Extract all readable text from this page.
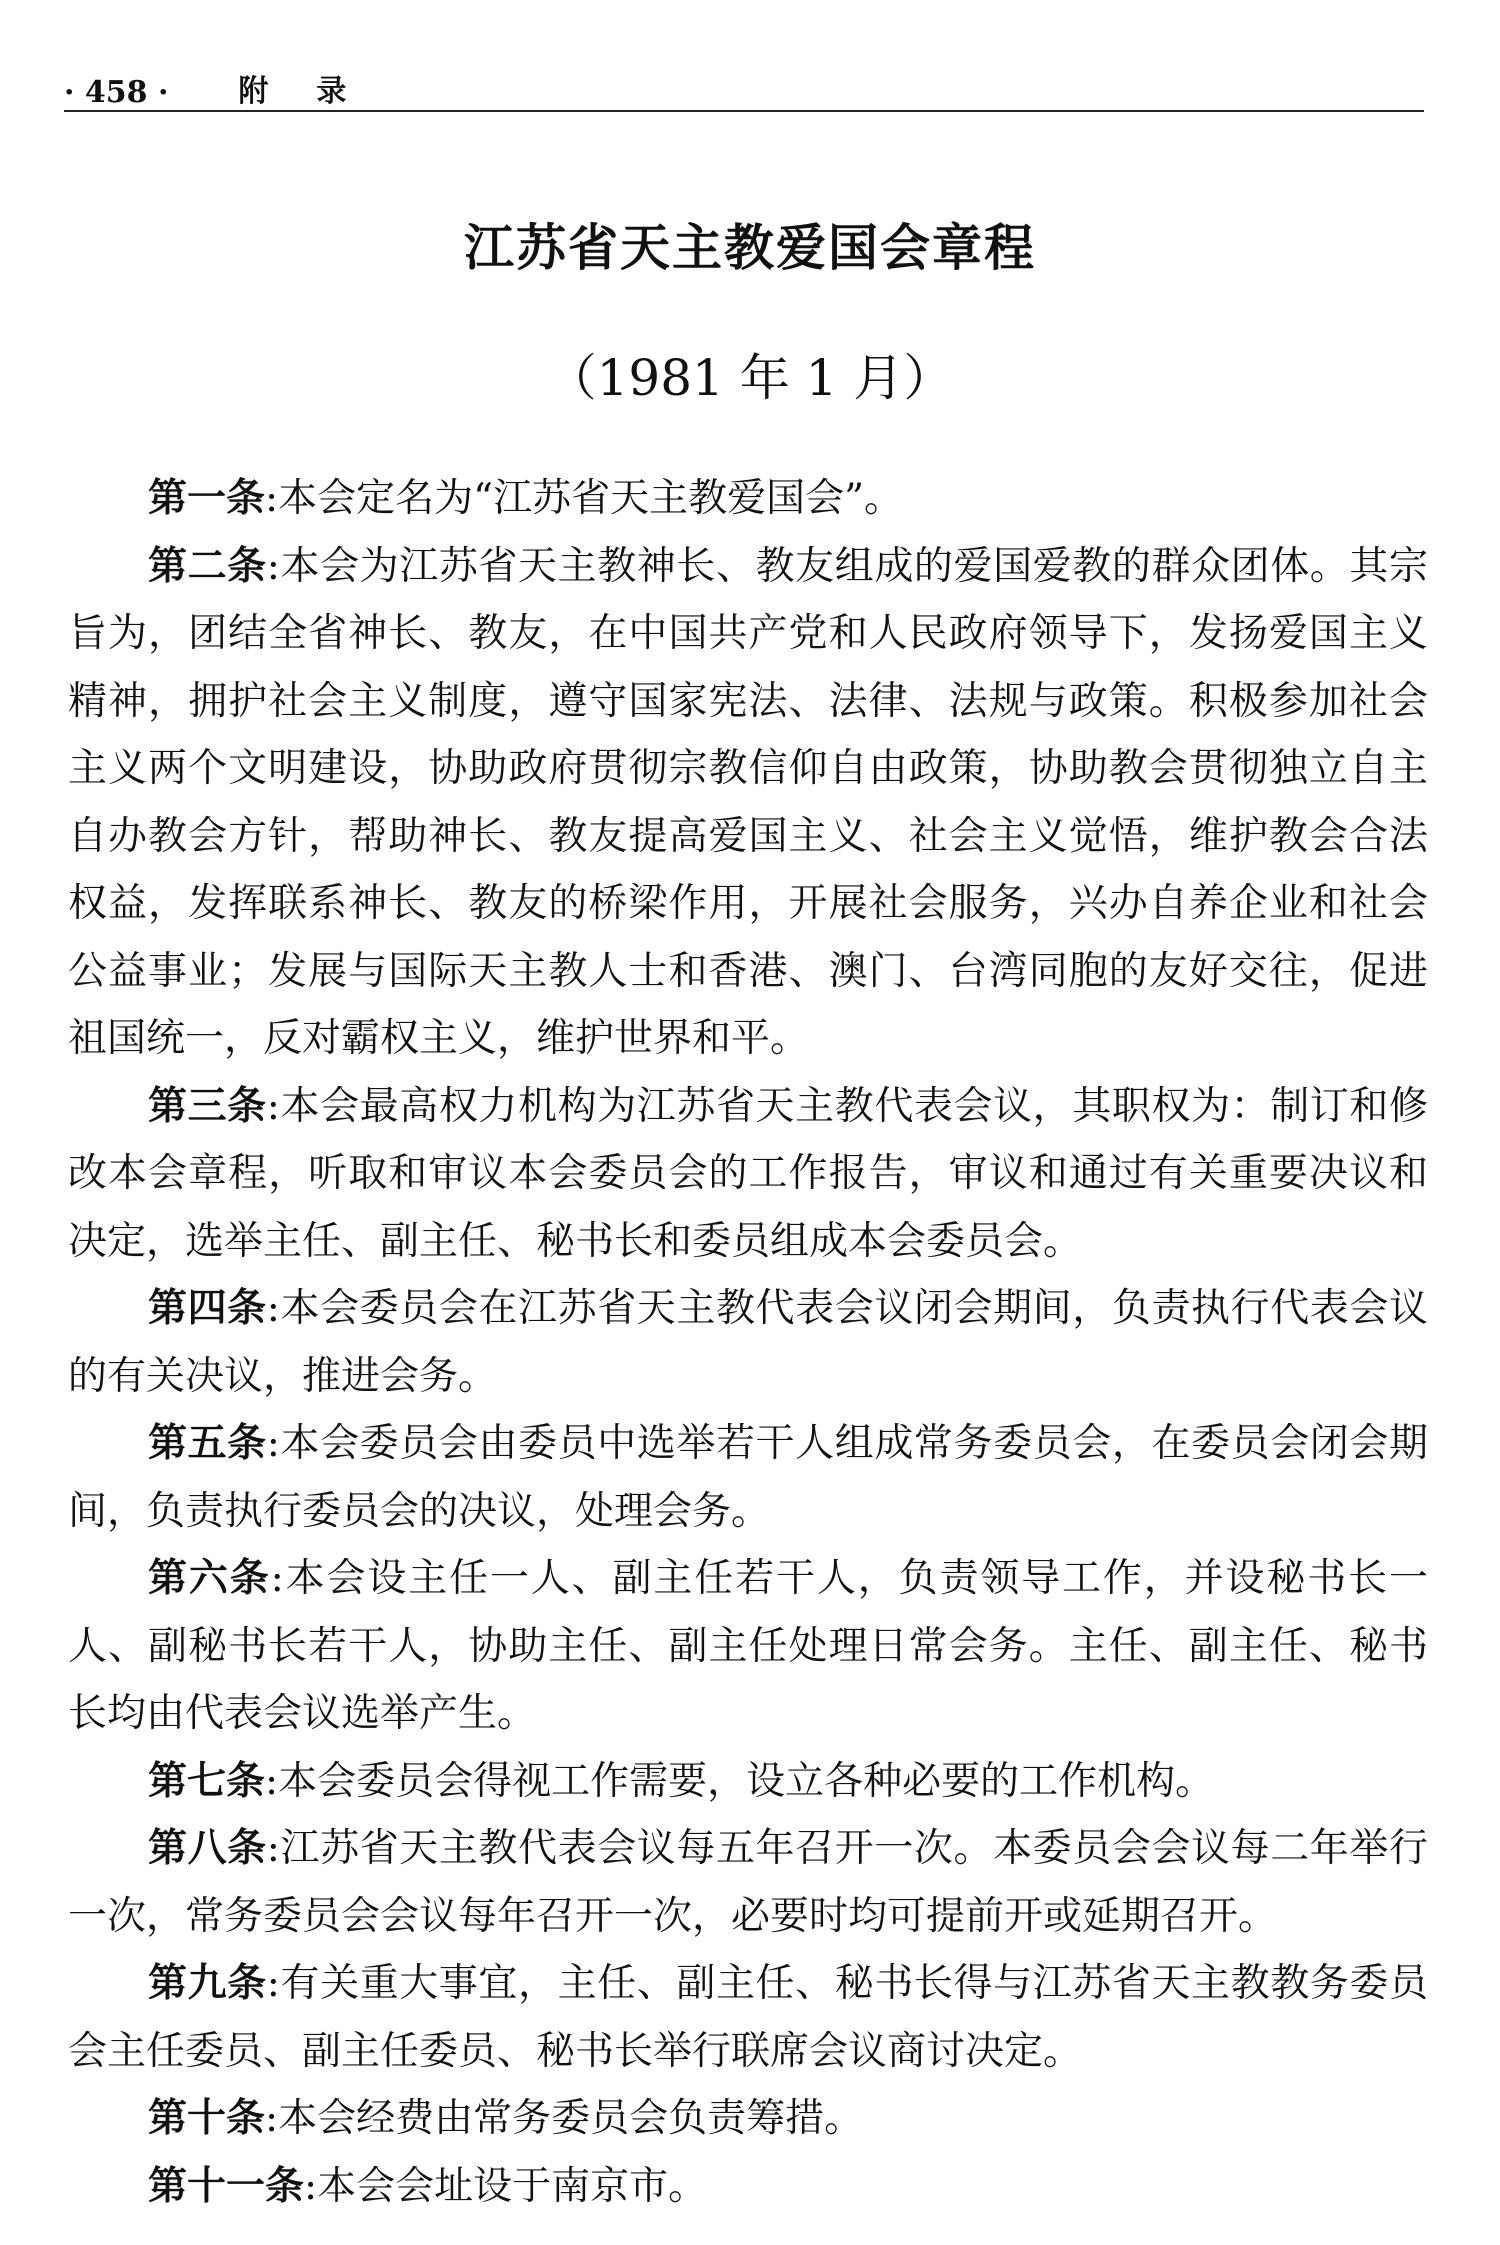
· 458 · 附录
江苏省天主教爱国会章程
（1981 年 1 月）

第一条:本会定名为“江苏省天主教爱国会”。

第二条:本会为江苏省天主教神长、教友组成的爱国爱教的群众团体。其宗旨为，团结全省神长、教友，在中国共产党和人民政府领导下，发扬爱国主义精神，拥护社会主义制度，遵守国家宪法、法律、法规与政策。积极参加社会主义两个文明建设，协助政府贯彻宗教信仰自由政策，协助教会贯彻独立自主自办教会方针，帮助神长、教友提高爱国主义、社会主义觉悟，维护教会合法权益，发挥联系神长、教友的桥梁作用，开展社会服务，兴办自养企业和社会公益事业；发展与国际天主教人士和香港、澳门、台湾同胞的友好交往，促进祖国统一，反对霸权主义，维护世界和平。

第三条:本会最高权力机构为江苏省天主教代表会议，其职权为：制订和修改本会章程，听取和审议本会委员会的工作报告，审议和通过有关重要决议和决定，选举主任、副主任、秘书长和委员组成本会委员会。

第四条:本会委员会在江苏省天主教代表会议闭会期间，负责执行代表会议的有关决议，推进会务。

第五条:本会委员会由委员中选举若干人组成常务委员会，在委员会闭会期间，负责执行委员会的决议，处理会务。

第六条:本会设主任一人、副主任若干人，负责领导工作，并设秘书长一人、副秘书长若干人，协助主任、副主任处理日常会务。主任、副主任、秘书长均由代表会议选举产生。

第七条:本会委员会得视工作需要，设立各种必要的工作机构。

第八条:江苏省天主教代表会议每五年召开一次。本委员会会议每二年举行一次，常务委员会会议每年召开一次，必要时均可提前开或延期召开。

第九条:有关重大事宜，主任、副主任、秘书长得与江苏省天主教教务委员会主任委员、副主任委员、秘书长举行联席会议商讨决定。

第十条:本会经费由常务委员会负责筹措。

第十一条:本会会址设于南京市。
